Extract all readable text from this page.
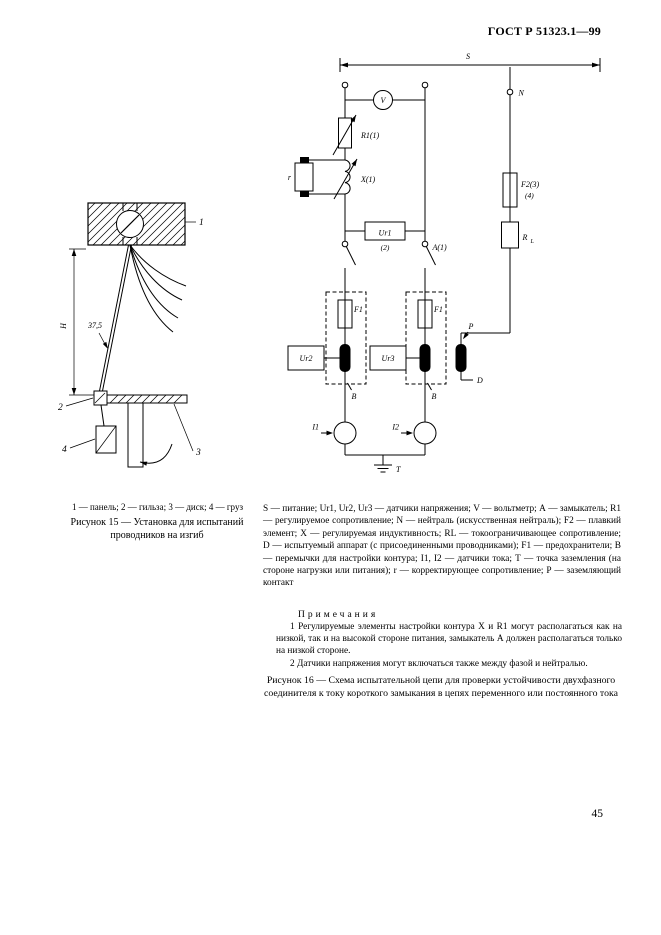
ГОСТ Р 51323.1—99
H	37,5
1
2
3
4
S
N
V
R1(1)
X(1)
r
Ur1
(2)	A(1)
F1
В
F1
В
Ur2	Ur3
F2(3)
(4)
R L
Р
D
I1	I2
Т
1 — панель; 2 — гильза; 3 — диск; 4 — груз
Рисунок 15 — Установка для испытаний проводников на изгиб
S — питание; Ur1, Ur2, Ur3 — датчики напряжения; V — вольтметр; А — замыкатель; R1 — регулируемое сопротивление; N — нейтраль (искусственная нейтраль); F2 — плавкий элемент; X — регулируемая индуктивность; RL — токоограничивающее сопротивление; D — испытуемый аппарат (с присоединенными проводниками); F1 — предохранители; В — перемычки для настройки контура; I1, I2 — датчики тока; Т — точка заземления (на стороне нагрузки или питания); r — корректирующее сопротивление; Р — заземляющий контакт
Примечания

1 Регулируемые элементы настройки контура X и R1 могут располагаться как на низкой, так и на высокой стороне питания, замыкатель А должен располагаться только на низкой стороне.

2 Датчики напряжения могут включаться также между фазой и нейтралью.

Рисунок 16 — Схема испытательной цепи для проверки устойчивости двухфазного соединителя к току короткого замыкания в цепях переменного или постоянного тока
45
